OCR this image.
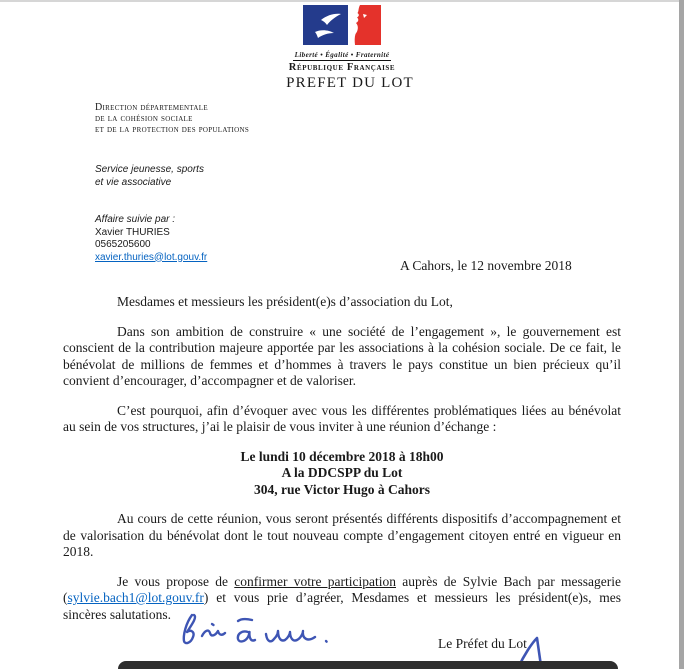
Liberté • Égalité • Fraternité
République Française
PREFET DU LOT
Direction départementale
de la cohésion sociale
et de la protection des populations
Service jeunesse, sports
et vie associative
Affaire suivie par :
Xavier THURIES
0565205600
xavier.thuries@lot.gouv.fr
A Cahors, le 12 novembre 2018

Mesdames et messieurs les président(e)s d’association du Lot,

Dans son ambition de construire « une société de l’engagement », le gouvernement est conscient de la contribution majeure apportée par les associations à la cohésion sociale. De ce fait, le bénévolat de millions de femmes et d’hommes à travers le pays constitue un bien précieux qu’il convient d’encourager, d’accompagner et de valoriser.

C’est pourquoi, afin d’évoquer avec vous les différentes problématiques liées au bénévolat au sein de vos structures, j’ai le plaisir de vous inviter à une réunion d’échange :

Le lundi 10 décembre 2018 à 18h00
A la DDCSPP du Lot
304, rue Victor Hugo à Cahors

Au cours de cette réunion, vous seront présentés différents dispositifs d’accompagnement et de valorisation du bénévolat dont le tout nouveau compte d’engagement citoyen entré en vigueur en 2018.

Je vous propose de confirmer votre participation auprès de Sylvie Bach par messagerie (sylvie.bach1@lot.gouv.fr) et vous prie d’agréer, Mesdames et messieurs les président(e)s, mes sincères salutations.

Le Préfet du Lot
